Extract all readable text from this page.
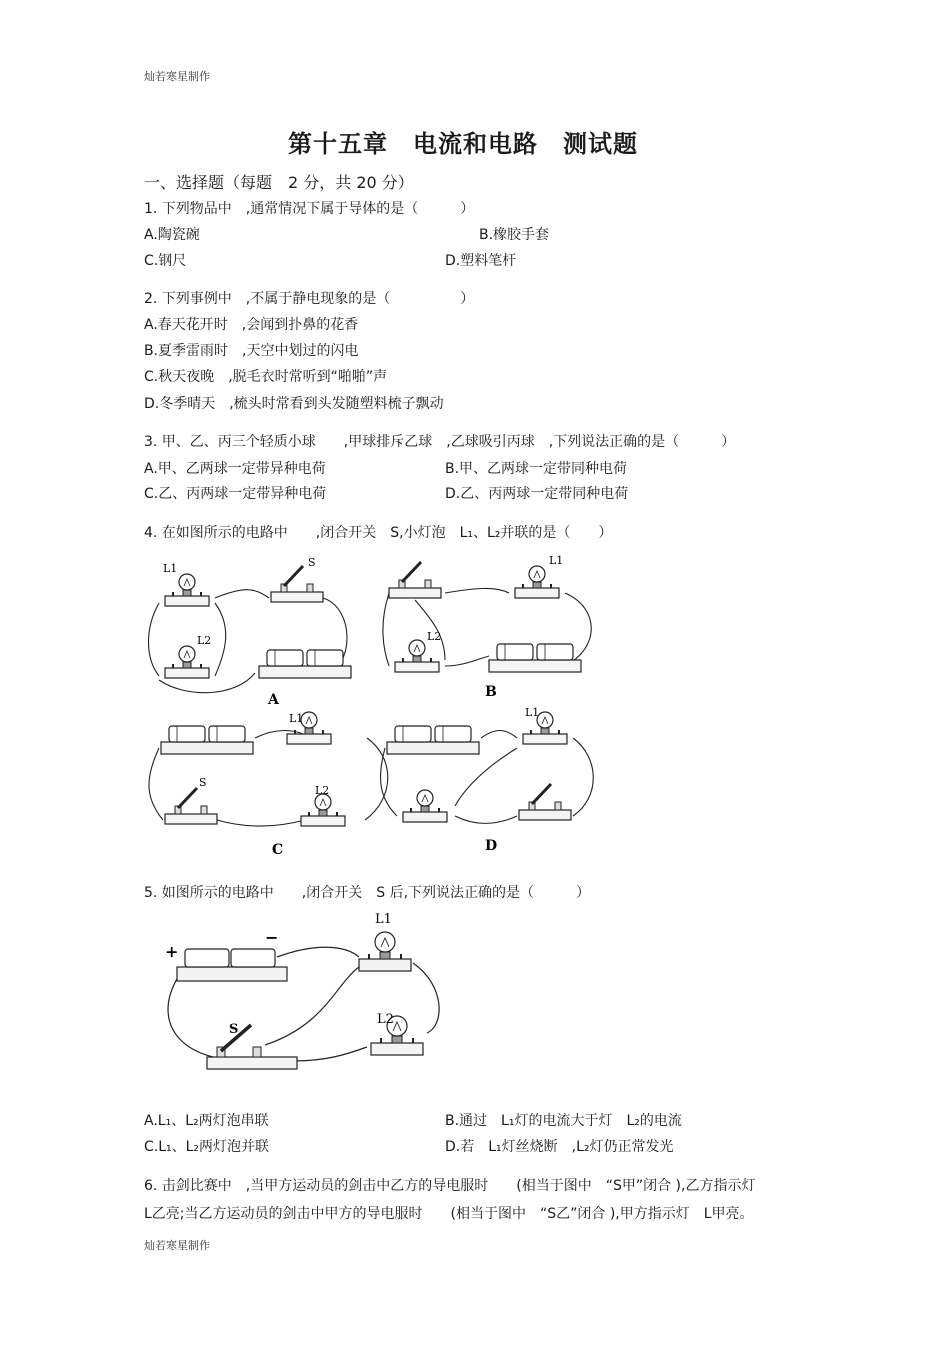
灿若寒星制作
第十五章　电流和电路　测试题
一、选择题（每题　2 分，共 20 分）
1. 下列物品中　,通常情况下属于导体的是（　　　）
A.陶瓷碗	B.橡胶手套
C.钢尺	D.塑料笔杆
2. 下列事例中　,不属于静电现象的是（　　　　　）
A.春天花开时　,会闻到扑鼻的花香
B.夏季雷雨时　,天空中划过的闪电
C.秋天夜晚　,脱毛衣时常听到“啪啪”声
D.冬季晴天　,梳头时常看到头发随塑料梳子飘动
3. 甲、乙、丙三个轻质小球　　,甲球排斥乙球　,乙球吸引丙球　,下列说法正确的是（　　　）
A.甲、乙两球一定带异种电荷	B.甲、乙两球一定带同种电荷
C.乙、丙两球一定带异种电荷	D.乙、丙两球一定带同种电荷
4. 在如图所示的电路中　　,闭合开关　S,小灯泡　L₁、L₂并联的是（　　）
L1	S
L2
L1
L2
L1
S
L2
L1
A	B
C	D
5. 如图所示的电路中　　,闭合开关　S 后,下列说法正确的是（　　　）
+
−
L1
S
L2
A.L₁、L₂两灯泡串联	B.通过　L₁灯的电流大于灯　L₂的电流
C.L₁、L₂两灯泡并联	D.若　L₁灯丝烧断　,L₂灯仍正常发光
6. 击剑比赛中　,当甲方运动员的剑击中乙方的导电服时　　(相当于图中　“S甲”闭合 ),乙方指示灯
L乙亮;当乙方运动员的剑击中甲方的导电服时　　(相当于图中　“S乙”闭合 ),甲方指示灯　L甲亮。
灿若寒星制作
